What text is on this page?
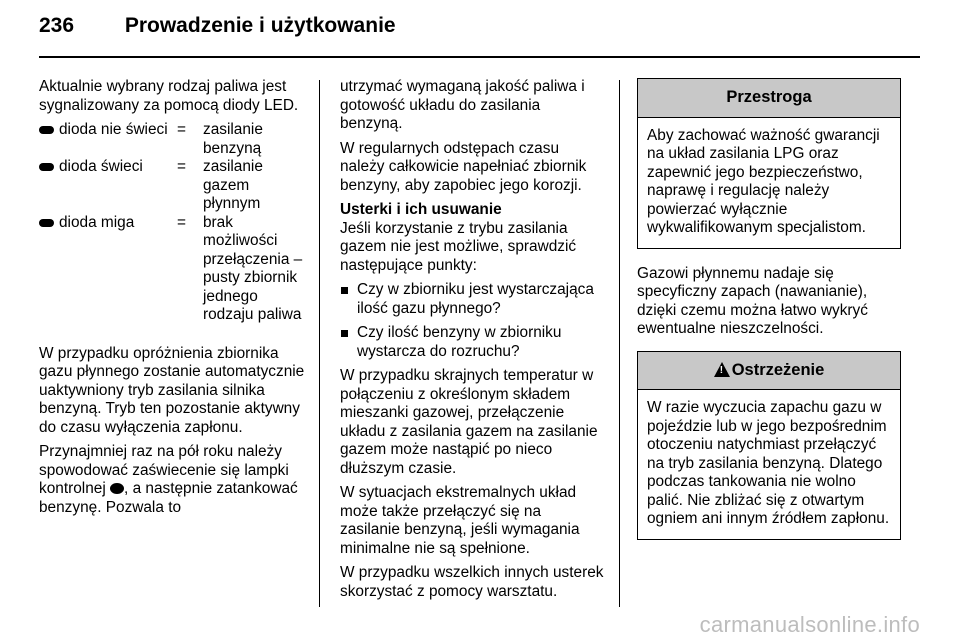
236 Prowadzenie i użytkowanie

Aktualnie wybrany rodzaj paliwa jest sygnalizowany za pomocą diody LED.

dioda nie świeci =	zasilanie benzyną
dioda świeci =	zasilanie gazem płynnym
dioda miga	=	brak możliwości przełączenia – pusty zbiornik jednego rodzaju paliwa

W przypadku opróżnienia zbiornika gazu płynnego zostanie automatycznie uaktywniony tryb zasilania silnika benzyną. Tryb ten pozostanie aktywny do czasu wyłączenia zapłonu.

Przynajmniej raz na pół roku należy spowodować zaświecenie się lampki kontrolnej , a następnie zatankować benzynę. Pozwala to

utrzymać wymaganą jakość paliwa i gotowość układu do zasilania benzyną.

W regularnych odstępach czasu należy całkowicie napełniać zbiornik benzyny, aby zapobiec jego korozji.

Usterki i ich usuwanie

Jeśli korzystanie z trybu zasilania gazem nie jest możliwe, sprawdzić następujące punkty:

Czy w zbiorniku jest wystarczająca ilość gazu płynnego?
Czy ilość benzyny w zbiorniku wystarcza do rozruchu?

W przypadku skrajnych temperatur w połączeniu z określonym składem mieszanki gazowej, przełączenie układu z zasilania gazem na zasilanie gazem może nastąpić po nieco dłuższym czasie.

W sytuacjach ekstremalnych układ może także przełączyć się na zasilanie benzyną, jeśli wymagania minimalne nie są spełnione.

W przypadku wszelkich innych usterek skorzystać z pomocy warsztatu.

Przestroga
Aby zachować ważność gwarancji na układ zasilania LPG oraz zapewnić jego bezpieczeństwo, naprawę i regulację należy powierzać wyłącznie wykwalifikowanym specjalistom.

Gazowi płynnemu nadaje się specyficzny zapach (nawanianie), dzięki czemu można łatwo wykryć ewentualne nieszczelności.

! Ostrzeżenie
W razie wyczucia zapachu gazu w pojeździe lub w jego bezpośrednim otoczeniu natychmiast przełączyć na tryb zasilania benzyną. Dlatego podczas tankowania nie wolno palić. Nie zbliżać się z otwartym ogniem ani innym źródłem zapłonu.
carmanualsonline.info
